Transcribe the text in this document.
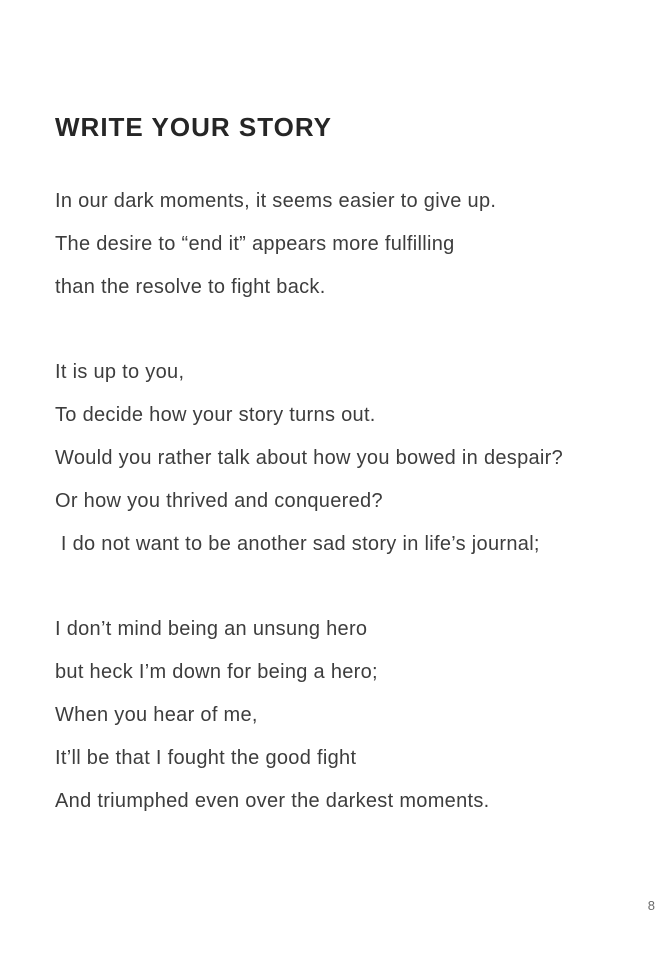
WRITE YOUR STORY

In our dark moments, it seems easier to give up.

The desire to “end it” appears more fulfilling

than the resolve to fight back.

It is up to you,

To decide how your story turns out.

Would you rather talk about how you bowed in despair?

Or how you thrived and conquered?

I do not want to be another sad story in life’s journal;

I don’t mind being an unsung hero

but heck I’m down for being a hero;

When you hear of me,

It’ll be that I fought the good fight

And triumphed even over the darkest moments.

8
